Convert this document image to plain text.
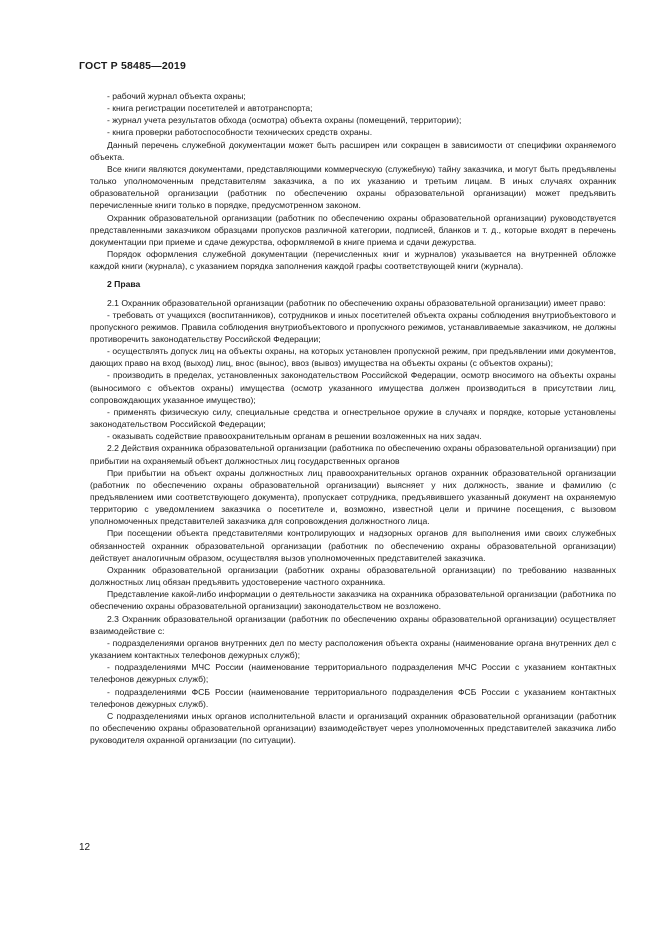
ГОСТ Р 58485—2019

- рабочий журнал объекта охраны;

- книга регистрации посетителей и автотранспорта;

- журнал учета результатов обхода (осмотра) объекта охраны (помещений, территории);

- книга проверки работоспособности технических средств охраны.

Данный перечень служебной документации может быть расширен или сокращен в зависимости от специфики охраняемого объекта.

Все книги являются документами, представляющими коммерческую (служебную) тайну заказчика, и могут быть предъявлены только уполномоченным представителям заказчика, а по их указанию и третьим лицам. В иных случаях охранник образовательной организации (работник по обеспечению охраны образовательной организации) может предъявить перечисленные книги только в порядке, предусмотренном законом.

Охранник образовательной организации (работник по обеспечению охраны образовательной организации) руководствуется представленными заказчиком образцами пропусков различной категории, подписей, бланков и т. д., которые входят в перечень документации при приеме и сдаче дежурства, оформляемой в книге приема и сдачи дежурства.

Порядок оформления служебной документации (перечисленных книг и журналов) указывается на внутренней обложке каждой книги (журнала), с указанием порядка заполнения каждой графы соответствующей книги (журнала).

2 Права

2.1 Охранник образовательной организации (работник по обеспечению охраны образовательной организации) имеет право:

- требовать от учащихся (воспитанников), сотрудников и иных посетителей объекта охраны соблюдения внутриобъектового и пропускного режимов. Правила соблюдения внутриобъектового и пропускного режимов, устанавливаемые заказчиком, не должны противоречить законодательству Российской Федерации;

- осуществлять допуск лиц на объекты охраны, на которых установлен пропускной режим, при предъявлении ими документов, дающих право на вход (выход) лиц, внос (вынос), ввоз (вывоз) имущества на объекты охраны (с объектов охраны);

- производить в пределах, установленных законодательством Российской Федерации, осмотр вносимого на объекты охраны (выносимого с объектов охраны) имущества (осмотр указанного имущества должен производиться в присутствии лиц, сопровождающих указанное имущество);

- применять физическую силу, специальные средства и огнестрельное оружие в случаях и порядке, которые установлены законодательством Российской Федерации;

- оказывать содействие правоохранительным органам в решении возложенных на них задач.

2.2 Действия охранника образовательной организации (работника по обеспечению охраны образовательной организации) при прибытии на охраняемый объект должностных лиц государственных органов

При прибытии на объект охраны должностных лиц правоохранительных органов охранник образовательной организации (работник по обеспечению охраны образовательной организации) выясняет у них должность, звание и фамилию (с предъявлением ими соответствующего документа), пропускает сотрудника, предъявившего указанный документ на охраняемую территорию с уведомлением заказчика о посетителе и, возможно, известной цели и причине посещения, с вызовом уполномоченных представителей заказчика для сопровождения должностного лица.

При посещении объекта представителями контролирующих и надзорных органов для выполнения ими своих служебных обязанностей охранник образовательной организации (работник по обеспечению охраны образовательной организации) действует аналогичным образом, осуществляя вызов уполномоченных представителей заказчика.

Охранник образовательной организации (работник охраны образовательной организации) по требованию названных должностных лиц обязан предъявить удостоверение частного охранника.

Представление какой-либо информации о деятельности заказчика на охранника образовательной организации (работника по обеспечению охраны образовательной организации) законодательством не возложено.

2.3 Охранник образовательной организации (работник по обеспечению охраны образовательной организации) осуществляет взаимодействие с:

- подразделениями органов внутренних дел по месту расположения объекта охраны (наименование органа внутренних дел с указанием контактных телефонов дежурных служб);

- подразделениями МЧС России (наименование территориального подразделения МЧС России с указанием контактных телефонов дежурных служб);

- подразделениями ФСБ России (наименование территориального подразделения ФСБ России с указанием контактных телефонов дежурных служб).

С подразделениями иных органов исполнительной власти и организаций охранник образовательной организации (работник по обеспечению охраны образовательной организации) взаимодействует через уполномоченных представителей заказчика либо руководителя охранной организации (по ситуации).

12
